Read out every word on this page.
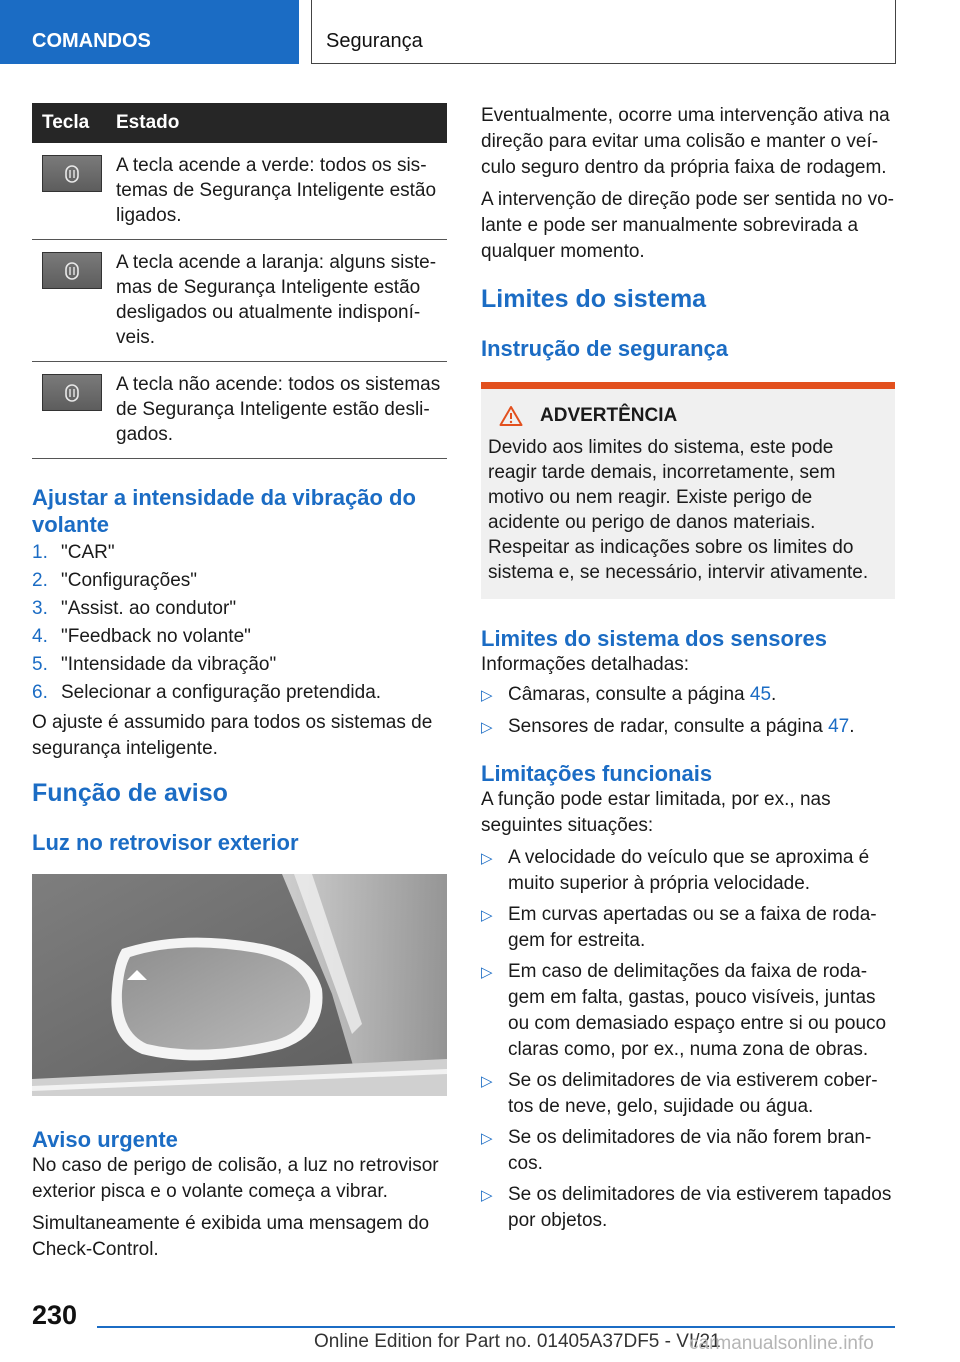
COMANDOS	Segurança
Tecla	Estado

	A tecla acende a verde: todos os sistemas de Segurança Inteligente estão ligados.

	A tecla acende a laranja: alguns sistemas de Segurança Inteligente estão desligados ou atualmente indisponíveis.

	A tecla não acende: todos os sistemas de Segurança Inteligente estão desligados.
Ajustar a intensidade da vibração do volante
1. "CAR"
2. "Configurações"
3. "Assist. ao condutor"
4. "Feedback no volante"
5. "Intensidade da vibração"
6. Selecionar a configuração pretendida.

O ajuste é assumido para todos os sistemas de segurança inteligente.

Função de aviso
Luz no retrovisor exterior
Aviso urgente

No caso de perigo de colisão, a luz no retrovisor exterior pisca e o volante começa a vibrar.

Simultaneamente é exibida uma mensagem do Check-Control.

Eventualmente, ocorre uma intervenção ativa na direção para evitar uma colisão e manter o veículo seguro dentro da própria faixa de rodagem.

A intervenção de direção pode ser sentida no volante e pode ser manualmente sobrevirada a qualquer momento.

Limites do sistema
Instrução de segurança
ADVERTÊNCIA

Devido aos limites do sistema, este pode reagir tarde demais, incorretamente, sem motivo ou nem reagir. Existe perigo de acidente ou perigo de danos materiais. Respeitar as indicações sobre os limites do sistema e, se necessário, intervir ativamente.

Limites do sistema dos sensores

Informações detalhadas:

▷ Câmaras, consulte a página 45.
▷ Sensores de radar, consulte a página 47.
Limitações funcionais

A função pode estar limitada, por ex., nas seguintes situações:

▷ A velocidade do veículo que se aproxima é muito superior à própria velocidade.
▷ Em curvas apertadas ou se a faixa de rodagem for estreita.
▷ Em caso de delimitações da faixa de rodagem em falta, gastas, pouco visíveis, juntas ou com demasiado espaço entre si ou pouco claras como, por ex., numa zona de obras.
▷ Se os delimitadores de via estiverem cobertos de neve, gelo, sujidade ou água.
▷ Se os delimitadores de via não forem brancos.
▷ Se os delimitadores de via estiverem tapados por objetos.
230
Online Edition for Part no. 01405A37DF5 - VI/21
carmanualsonline.info
